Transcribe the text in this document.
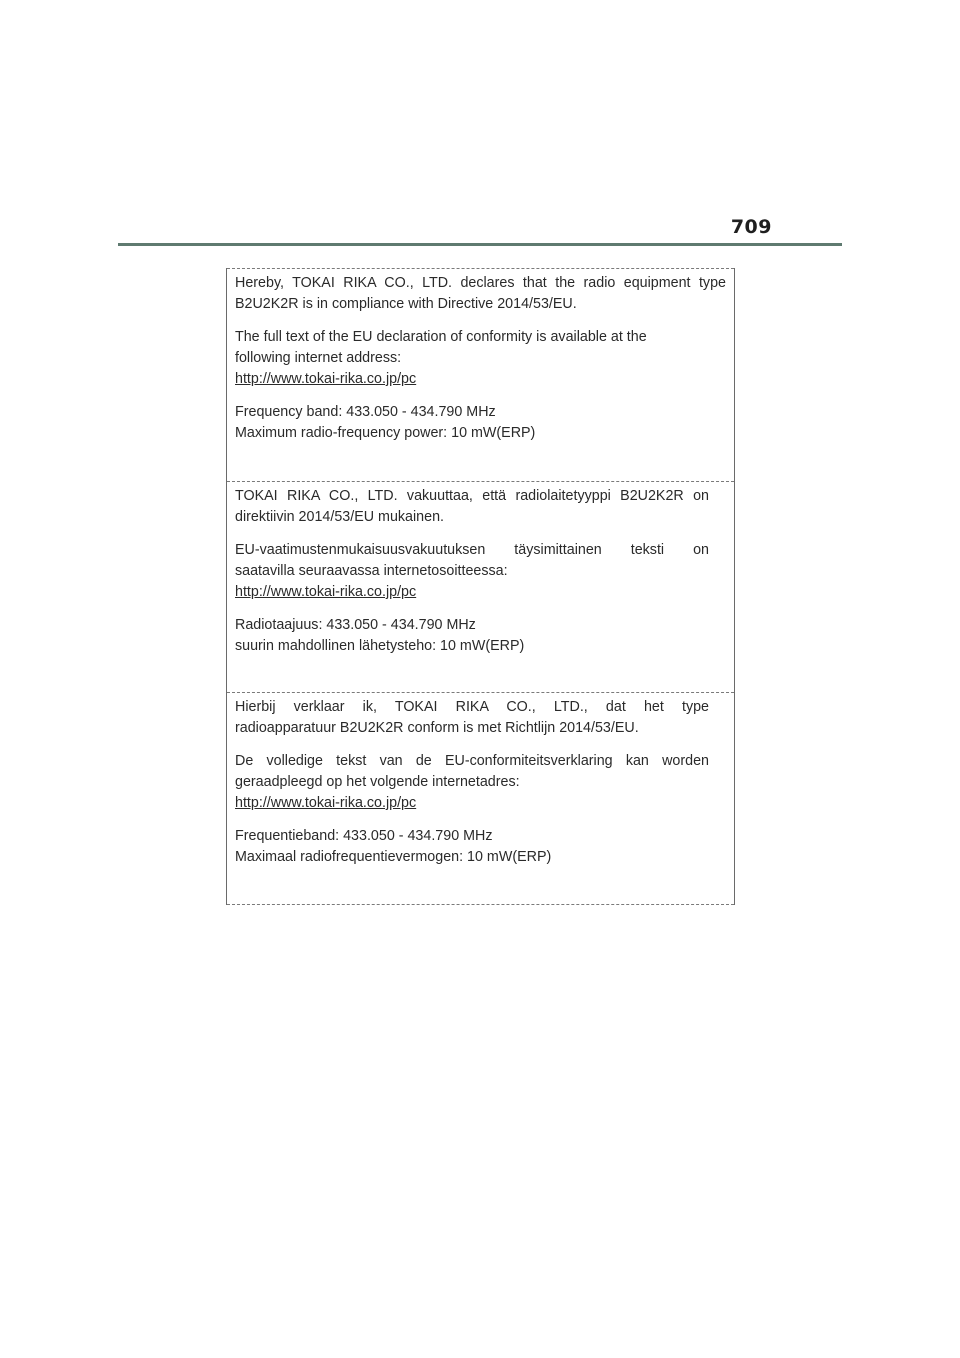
709

Hereby, TOKAI RIKA CO., LTD. declares that the radio equipment type
B2U2K2R is in compliance with Directive 2014/53/EU.

The full text of the EU declaration of conformity is available at the
following internet address:
http://www.tokai-rika.co.jp/pc

Frequency band: 433.050 - 434.790 MHz
Maximum radio-frequency power: 10 mW(ERP)

TOKAI RIKA CO., LTD. vakuuttaa, että radiolaitetyyppi B2U2K2R on
direktiivin 2014/53/EU mukainen.

EU-vaatimustenmukaisuusvakuutuksen täysimittainen teksti on
saatavilla seuraavassa internetosoitteessa:
http://www.tokai-rika.co.jp/pc

Radiotaajuus: 433.050 - 434.790 MHz
suurin mahdollinen lähetysteho: 10 mW(ERP)

Hierbij verklaar ik, TOKAI RIKA CO., LTD., dat het type
radioapparatuur B2U2K2R conform is met Richtlijn 2014/53/EU.

De volledige tekst van de EU-conformiteitsverklaring kan worden
geraadpleegd op het volgende internetadres:
http://www.tokai-rika.co.jp/pc

Frequentieband: 433.050 - 434.790 MHz
Maximaal radiofrequentievermogen: 10 mW(ERP)
